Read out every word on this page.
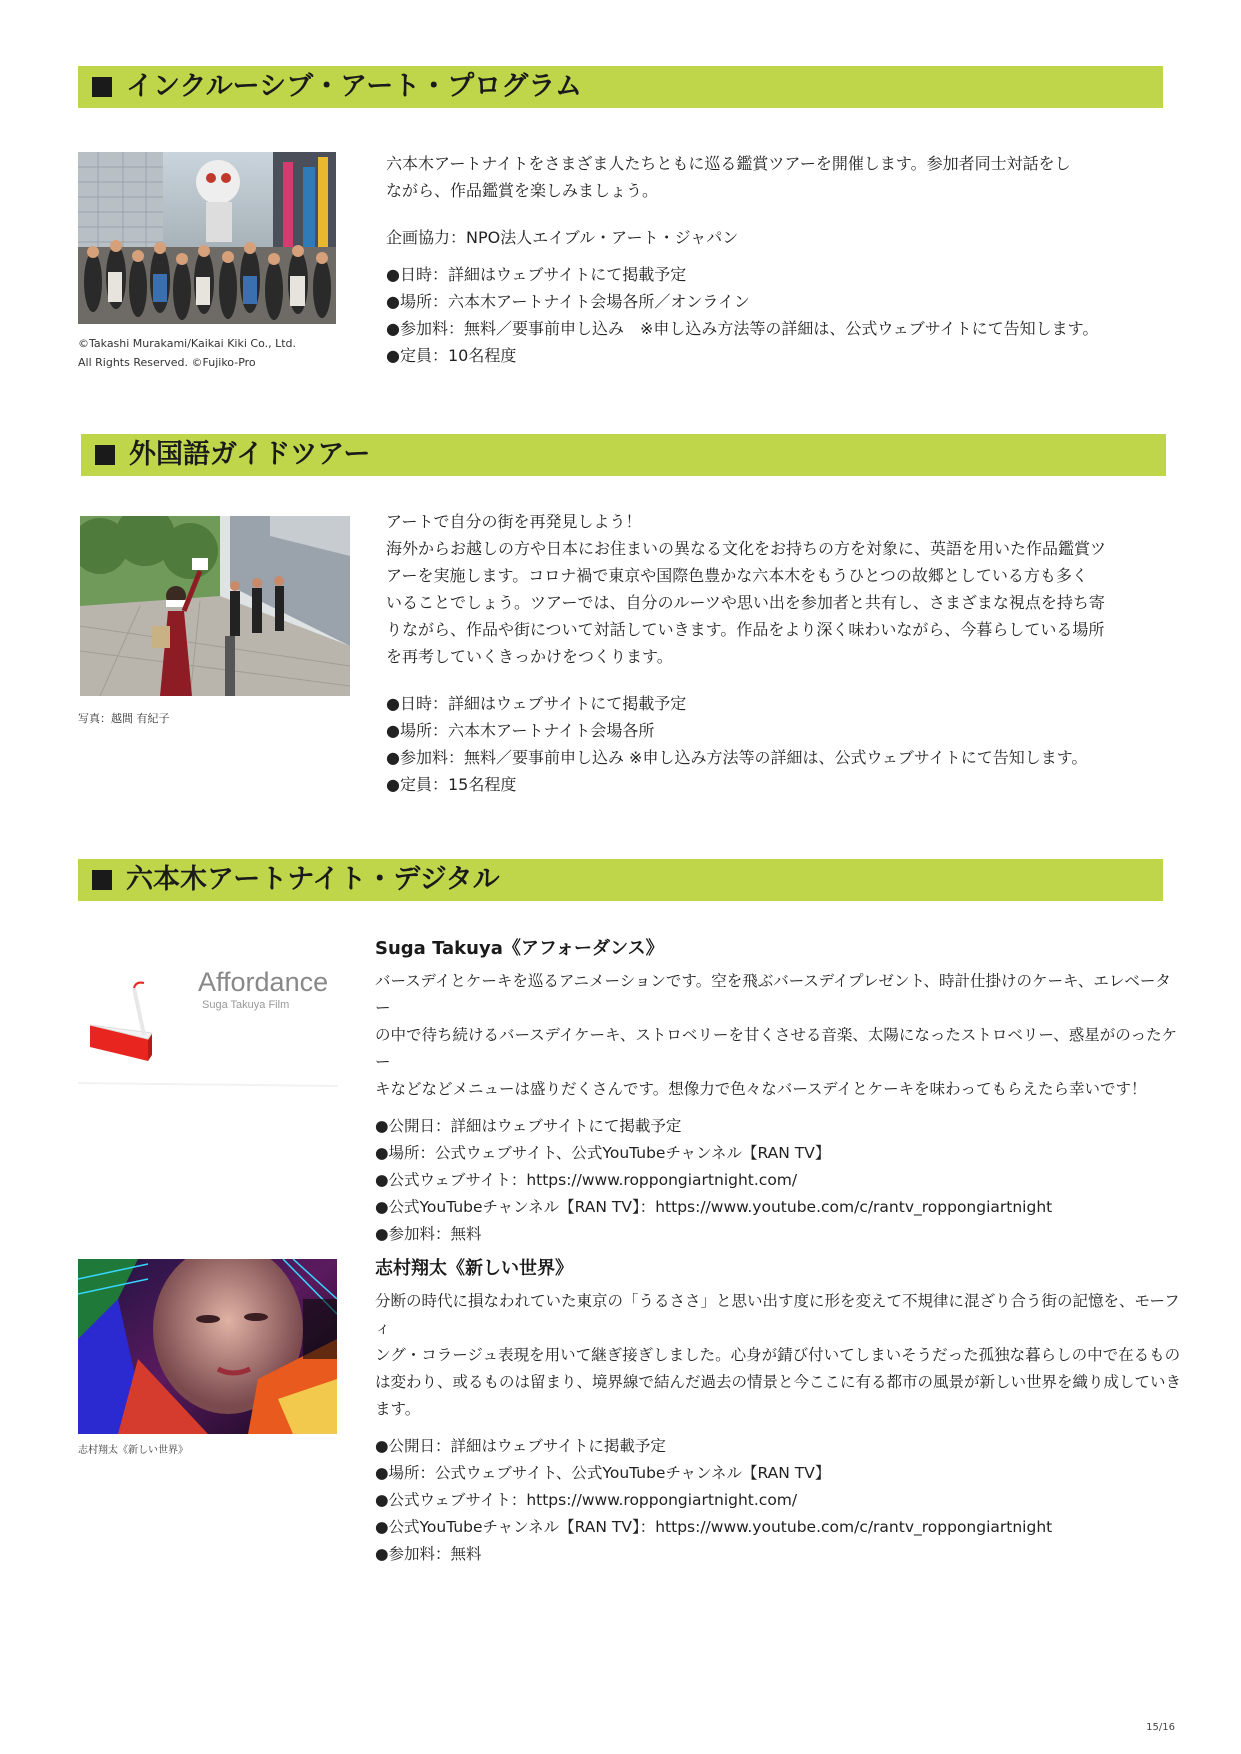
インクルーシブ・アート・プログラム
©Takashi Murakami/Kaikai Kiki Co., Ltd.
All Rights Reserved. ©Fujiko-Pro

六本木アートナイトをさまざま人たちともに巡る鑑賞ツアーを開催します。参加者同士対話をし

ながら、作品鑑賞を楽しみましょう。

企画協力：NPO法人エイブル・アート・ジャパン

●日時：詳細はウェブサイトにて掲載予定

●場所：六本木アートナイト会場各所／オンライン

●参加料：無料／要事前申し込み　※申し込み方法等の詳細は、公式ウェブサイトにて告知します。

●定員：10名程度

外国語ガイドツアー
写真：越間 有紀子

アートで自分の街を再発見しよう！

海外からお越しの方や日本にお住まいの異なる文化をお持ちの方を対象に、英語を用いた作品鑑賞ツ

アーを実施します。コロナ禍で東京や国際色豊かな六本木をもうひとつの故郷としている方も多く

いることでしょう。ツアーでは、自分のルーツや思い出を参加者と共有し、さまざまな視点を持ち寄

りながら、作品や街について対話していきます。作品をより深く味わいながら、今暮らしている場所

を再考していくきっかけをつくります。

●日時：詳細はウェブサイトにて掲載予定

●場所：六本木アートナイト会場各所

●参加料：無料／要事前申し込み ※申し込み方法等の詳細は、公式ウェブサイトにて告知します。

●定員：15名程度

六本木アートナイト・デジタル
Affordance
Suga Takuya Film
Suga Takuya《アフォーダンス》

バースデイとケーキを巡るアニメーションです。空を飛ぶバースデイプレゼント、時計仕掛けのケーキ、エレベーター

の中で待ち続けるバースデイケーキ、ストロベリーを甘くさせる音楽、太陽になったストロベリー、惑星がのったケー

キなどなどメニューは盛りだくさんです。想像力で色々なバースデイとケーキを味わってもらえたら幸いです！

●公開日：詳細はウェブサイトにて掲載予定

●場所：公式ウェブサイト、公式YouTubeチャンネル【RAN TV】

●公式ウェブサイト：https://www.roppongiartnight.com/

●公式YouTubeチャンネル【RAN TV】：https://www.youtube.com/c/rantv_roppongiartnight

●参加料：無料

志村翔太《新しい世界》
志村翔太《新しい世界》

分断の時代に損なわれていた東京の「うるささ」と思い出す度に形を変えて不規律に混ざり合う街の記憶を、モーフィ

ング・コラージュ表現を用いて継ぎ接ぎしました。心身が錆び付いてしまいそうだった孤独な暮らしの中で在るもの

は変わり、或るものは留まり、境界線で結んだ過去の情景と今ここに有る都市の風景が新しい世界を織り成していき

ます。

●公開日：詳細はウェブサイトに掲載予定

●場所：公式ウェブサイト、公式YouTubeチャンネル【RAN TV】

●公式ウェブサイト：https://www.roppongiartnight.com/

●公式YouTubeチャンネル【RAN TV】：https://www.youtube.com/c/rantv_roppongiartnight

●参加料：無料

15/16
